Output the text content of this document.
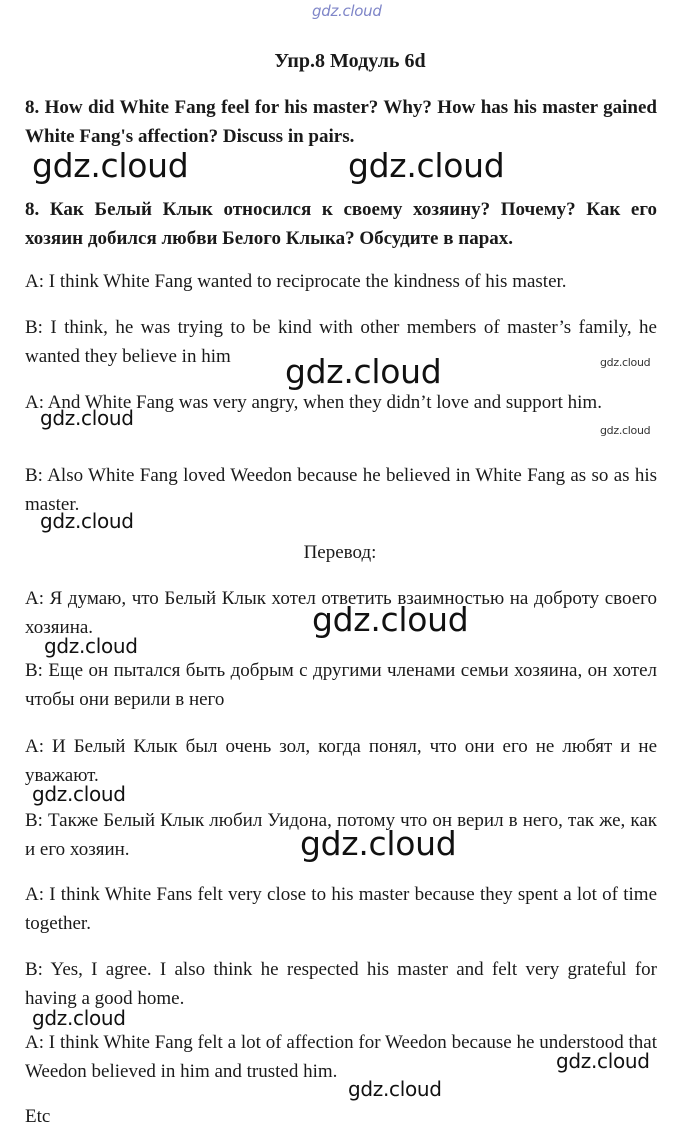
gdz.cloud
Упр.8 Модуль 6d

8. How did White Fang feel for his master? Why? How has his master gained White Fang's affection? Discuss in pairs.

8. Как Белый Клык относился к своему хозяину? Почему? Как его хозяин добился любви Белого Клыка? Обсудите в парах.

A: I think White Fang wanted to reciprocate the kindness of his master.

B: I think, he was trying to be kind with other members of master’s family, he wanted they believe in him

A: And White Fang was very angry, when they didn’t love and support him.

B: Also White Fang loved Weedon because he believed in White Fang as so as his master.

Перевод:

A: Я думаю, что Белый Клык хотел ответить взаимностью на доброту своего хозяина.

B: Еще он пытался быть добрым с другими членами семьи хозяина, он хотел чтобы они верили в него

A: И Белый Клык был очень зол, когда понял, что они его не любят и не уважают.

B: Также Белый Клык любил Уидона, потому что он верил в него, так же, как и его хозяин.

A: I think White Fans felt very close to his master because they spent a lot of time together.

B: Yes, I agree. I also think he respected his master and felt very grateful for having a good home.

A: I think White Fang felt a lot of affection for Weedon because he understood that Weedon believed in him and trusted him.

Etc
gdz.cloud	gdz.cloud
gdz.cloud	gdz.cloud
gdz.cloud
gdz.cloud
gdz.cloud
gdz.cloud
gdz.cloud
gdz.cloud
gdz.cloud
gdz.cloud
gdz.cloud
gdz.cloud
